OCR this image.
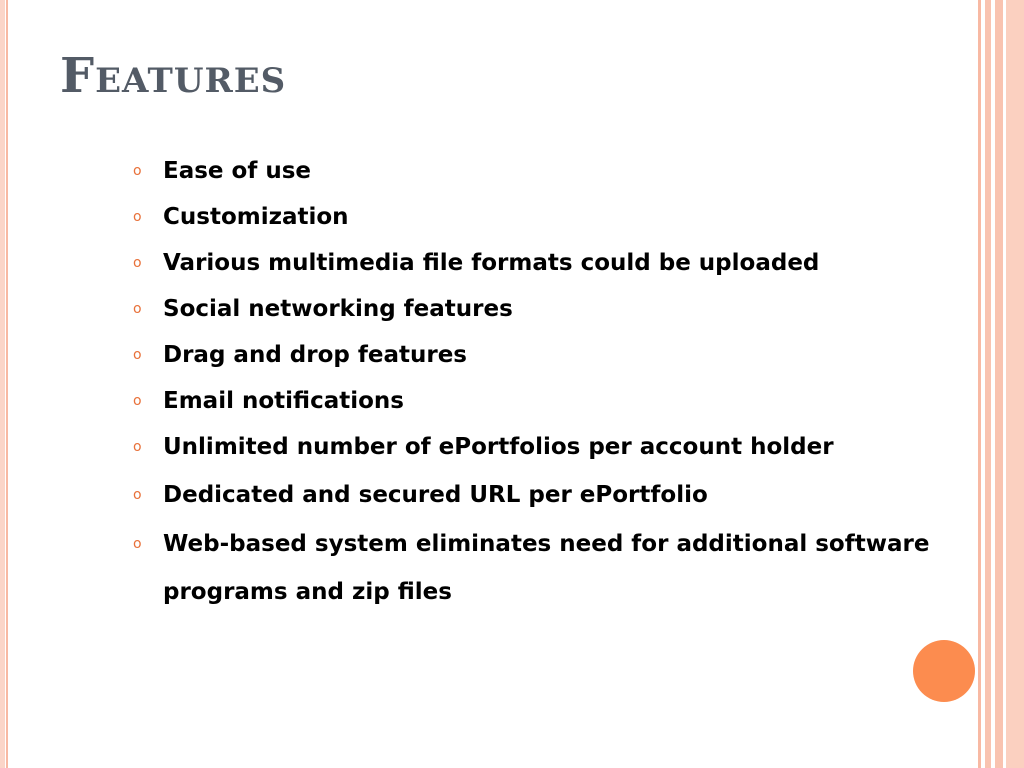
Features
o Ease of use
o Customization
o Various multimedia file formats could be uploaded
o Social networking features
o Drag and drop features
o Email notifications
o Unlimited number of ePortfolios per account holder
o Dedicated and secured URL per ePortfolio
o Web-based system eliminates need for additional software programs and zip files
